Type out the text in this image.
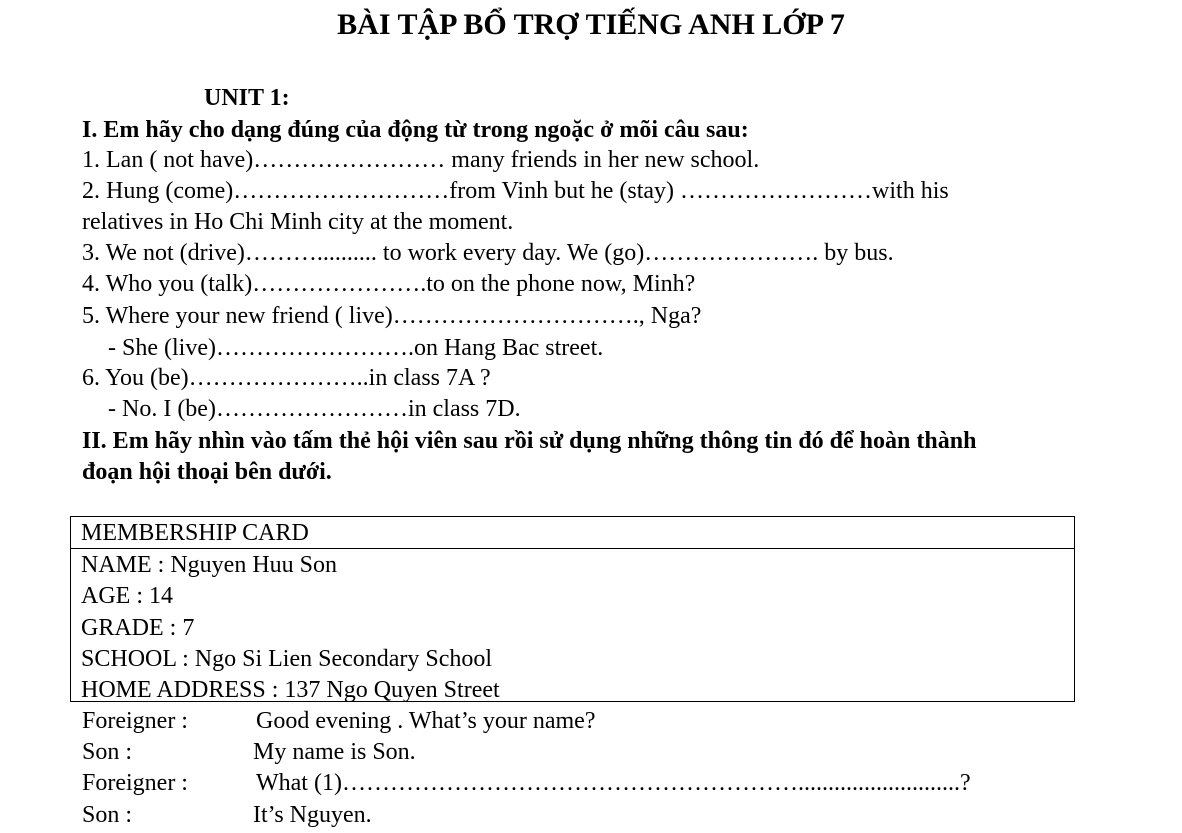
BÀI TẬP BỔ TRỢ TIẾNG ANH LỚP 7
UNIT 1:
I. Em hãy cho dạng đúng của động từ trong ngoặc ở mõi câu sau:
1. Lan ( not have)…………………… many friends in her new school.
2. Hung (come)………………………from Vinh but he (stay) ……………………with his
relatives in Ho Chi Minh city at the moment.
3. We not (drive)……….......... to work every day. We (go)…………………. by bus.
4. Who you (talk)………………….to on the phone now, Minh?
5. Where your new friend ( live)…………………………., Nga?
- She (live)…………………….on Hang Bac street.
6. You (be)…………………..in class 7A ?
- No. I (be)……………………in class 7D.
II. Em hãy nhìn vào tấm thẻ hội viên sau rồi sử dụng những thông tin đó để hoàn thành
đoạn hội thoại bên dưới.
MEMBERSHIP CARD
NAME : Nguyen Huu Son
AGE : 14
GRADE : 7
SCHOOL : Ngo Si Lien Secondary School
HOME ADDRESS : 137 Ngo Quyen Street
Foreigner :	Good evening . What’s your name?
Son :	My name is Son.
Foreigner :	What (1)…………………………………………………...........................?
Son :	It’s Nguyen.
